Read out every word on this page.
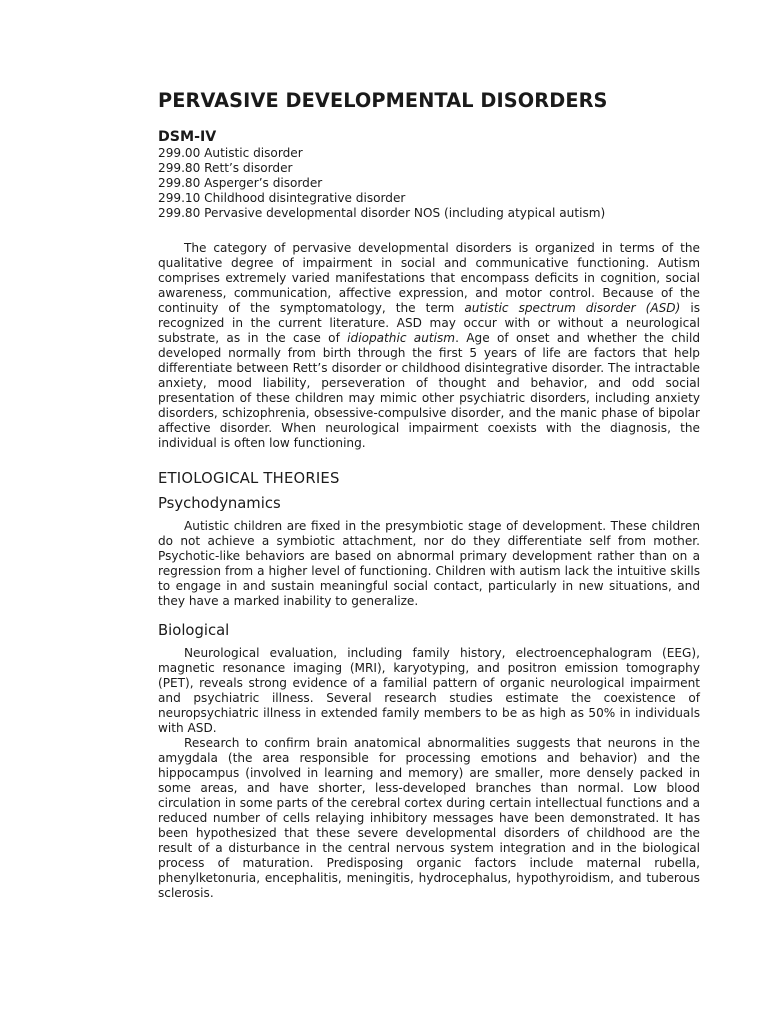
PERVASIVE DEVELOPMENTAL DISORDERS
DSM-IV
299.00 Autistic disorder
299.80 Rett’s disorder
299.80 Asperger’s disorder
299.10 Childhood disintegrative disorder
299.80 Pervasive developmental disorder NOS (including atypical autism)

The category of pervasive developmental disorders is organized in terms of the qualitative degree of impairment in social and communicative functioning. Autism comprises extremely varied manifestations that encompass deficits in cognition, social awareness, communication, affective expression, and motor control. Because of the continuity of the symptomatology, the term autistic spectrum disorder (ASD) is recognized in the current literature. ASD may occur with or without a neurological substrate, as in the case of idiopathic autism. Age of onset and whether the child developed normally from birth through the first 5 years of life are factors that help differentiate between Rett’s disorder or childhood disintegrative disorder. The intractable anxiety, mood liability, perseveration of thought and behavior, and odd social presentation of these children may mimic other psychiatric disorders, including anxiety disorders, schizophrenia, obsessive-compulsive disorder, and the manic phase of bipolar affective disorder. When neurological impairment coexists with the diagnosis, the individual is often low functioning.

ETIOLOGICAL THEORIES
Psychodynamics

Autistic children are fixed in the presymbiotic stage of development. These children do not achieve a symbiotic attachment, nor do they differentiate self from mother. Psychotic-like behaviors are based on abnormal primary development rather than on a regression from a higher level of functioning. Children with autism lack the intuitive skills to engage in and sustain meaningful social contact, particularly in new situations, and they have a marked inability to generalize.

Biological

Neurological evaluation, including family history, electroencephalogram (EEG), magnetic resonance imaging (MRI), karyotyping, and positron emission tomography (PET), reveals strong evidence of a familial pattern of organic neurological impairment and psychiatric illness. Several research studies estimate the coexistence of neuropsychiatric illness in extended family members to be as high as 50% in individuals with ASD.

Research to confirm brain anatomical abnormalities suggests that neurons in the amygdala (the area responsible for processing emotions and behavior) and the hippocampus (involved in learning and memory) are smaller, more densely packed in some areas, and have shorter, less-developed branches than normal. Low blood circulation in some parts of the cerebral cortex during certain intellectual functions and a reduced number of cells relaying inhibitory messages have been demonstrated. It has been hypothesized that these severe developmental disorders of childhood are the result of a disturbance in the central nervous system integration and in the biological process of maturation. Predisposing organic factors include maternal rubella, phenylketonuria, encephalitis, meningitis, hydrocephalus, hypothyroidism, and tuberous sclerosis.
